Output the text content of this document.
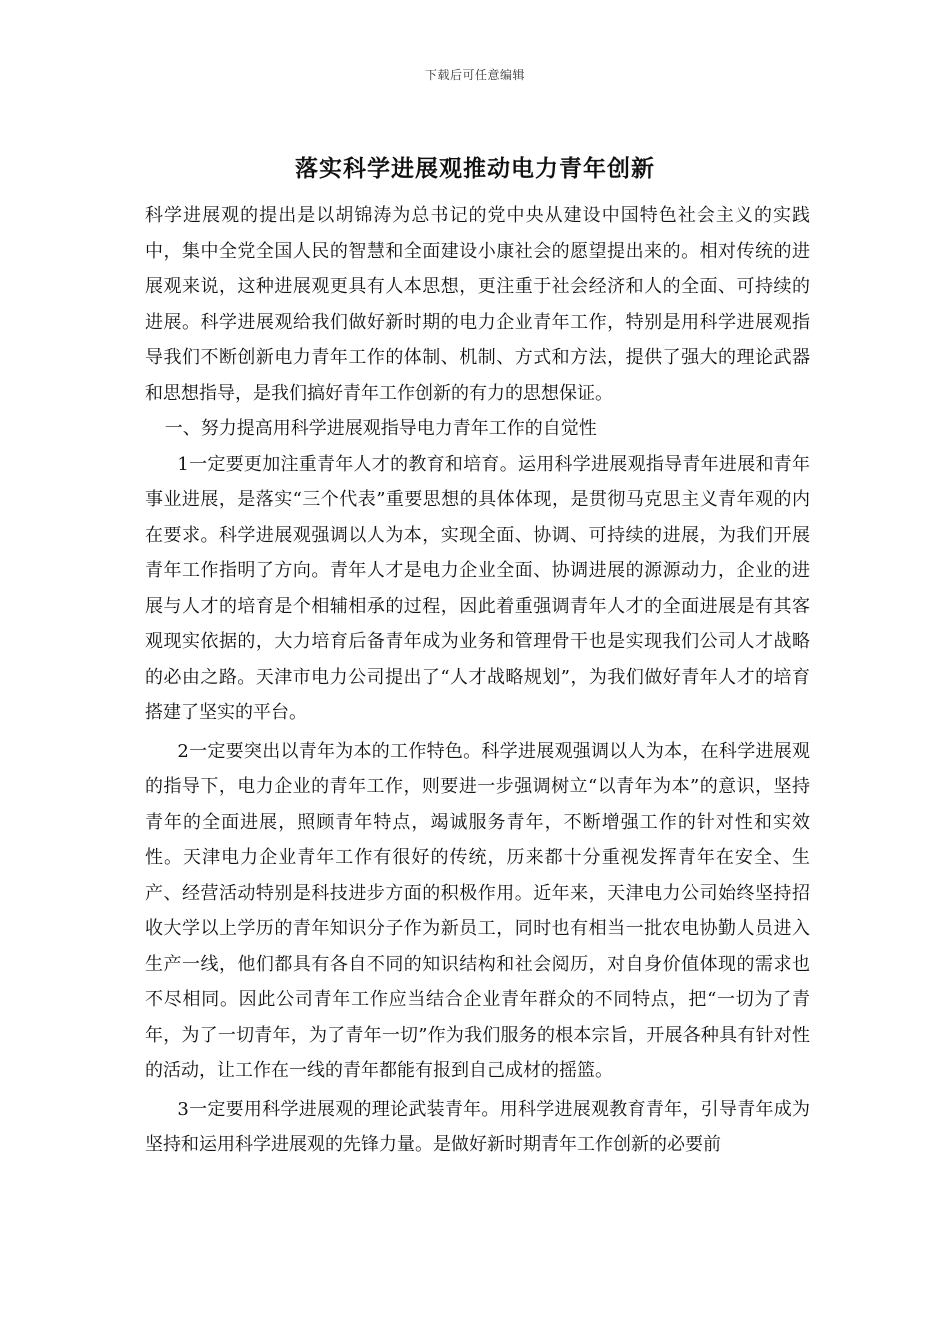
下载后可任意编辑
落实科学进展观推动电力青年创新

科学进展观的提出是以胡锦涛为总书记的党中央从建设中国特色社会主义的实践中，集中全党全国人民的智慧和全面建设小康社会的愿望提出来的。相对传统的进展观来说，这种进展观更具有人本思想，更注重于社会经济和人的全面、可持续的进展。科学进展观给我们做好新时期的电力企业青年工作，特别是用科学进展观指导我们不断创新电力青年工作的体制、机制、方式和方法，提供了强大的理论武器和思想指导，是我们搞好青年工作创新的有力的思想保证。

一、努力提高用科学进展观指导电力青年工作的自觉性

1一定要更加注重青年人才的教育和培育。运用科学进展观指导青年进展和青年事业进展，是落实“三个代表”重要思想的具体体现，是贯彻马克思主义青年观的内在要求。科学进展观强调以人为本，实现全面、协调、可持续的进展，为我们开展青年工作指明了方向。青年人才是电力企业全面、协调进展的源源动力，企业的进展与人才的培育是个相辅相承的过程，因此着重强调青年人才的全面进展是有其客观现实依据的，大力培育后备青年成为业务和管理骨干也是实现我们公司人才战略的必由之路。天津市电力公司提出了“人才战略规划”，为我们做好青年人才的培育搭建了坚实的平台。

2一定要突出以青年为本的工作特色。科学进展观强调以人为本，在科学进展观的指导下，电力企业的青年工作，则要进一步强调树立“以青年为本”的意识，坚持青年的全面进展，照顾青年特点，竭诚服务青年，不断增强工作的针对性和实效性。天津电力企业青年工作有很好的传统，历来都十分重视发挥青年在安全、生产、经营活动特别是科技进步方面的积极作用。近年来，天津电力公司始终坚持招收大学以上学历的青年知识分子作为新员工，同时也有相当一批农电协勤人员进入生产一线，他们都具有各自不同的知识结构和社会阅历，对自身价值体现的需求也不尽相同。因此公司青年工作应当结合企业青年群众的不同特点，把“一切为了青年，为了一切青年，为了青年一切”作为我们服务的根本宗旨，开展各种具有针对性的活动，让工作在一线的青年都能有报到自己成材的摇篮。

3一定要用科学进展观的理论武装青年。用科学进展观教育青年，引导青年成为坚持和运用科学进展观的先锋力量。是做好新时期青年工作创新的必要前
